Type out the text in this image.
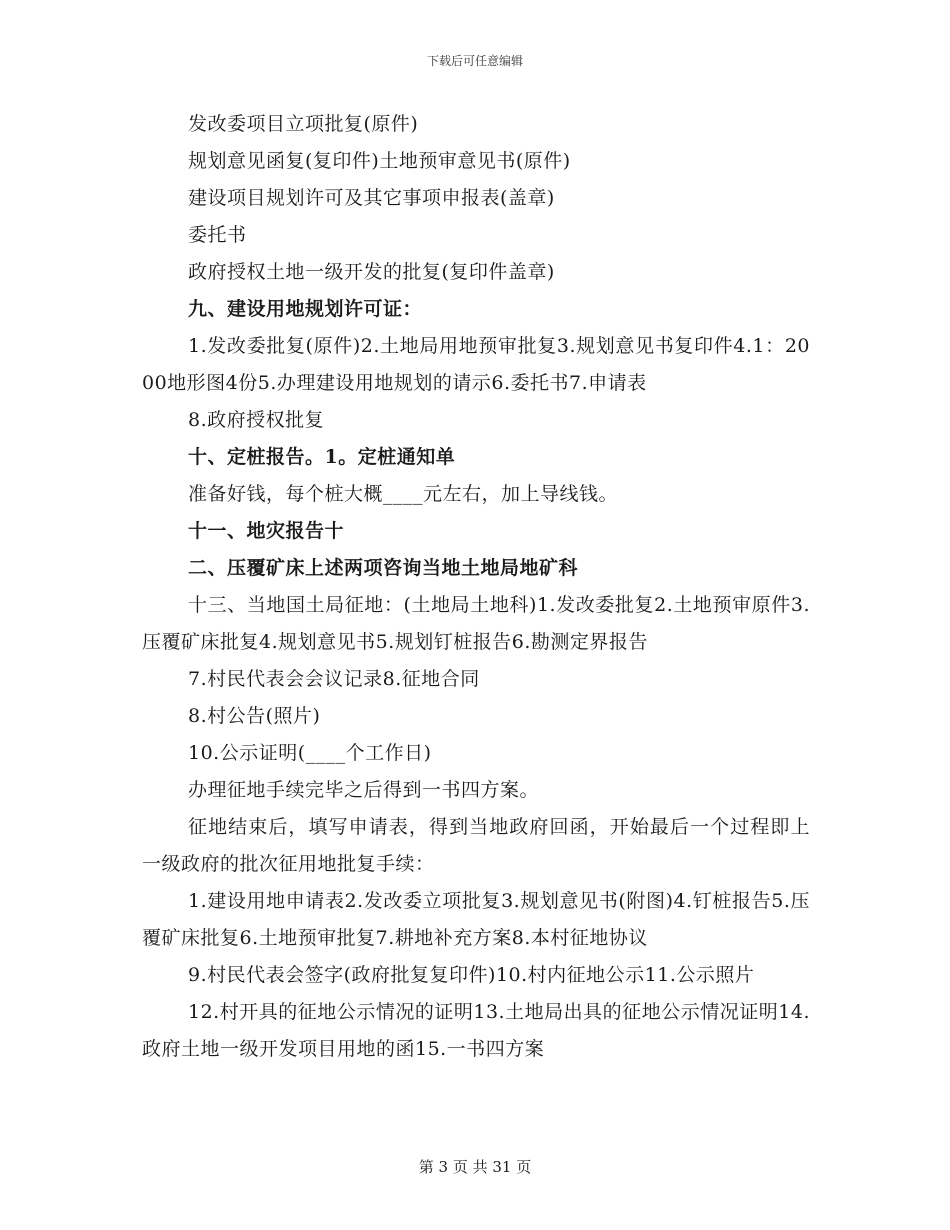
下载后可任意编辑

发改委项目立项批复(原件)

规划意见函复(复印件)土地预审意见书(原件)

建设项目规划许可及其它事项申报表(盖章)

委托书

政府授权土地一级开发的批复(复印件盖章)

九、建设用地规划许可证：

1.发改委批复(原件)2.土地局用地预审批复3.规划意见书复印件4.1：2000地形图4份5.办理建设用地规划的请示6.委托书7.申请表

8.政府授权批复

十、定桩报告。1。定桩通知单

准备好钱，每个桩大概____元左右，加上导线钱。

十一、地灾报告十

二、压覆矿床上述两项咨询当地土地局地矿科

十三、当地国土局征地：(土地局土地科)1.发改委批复2.土地预审原件3.压覆矿床批复4.规划意见书5.规划钉桩报告6.勘测定界报告

7.村民代表会会议记录8.征地合同

8.村公告(照片)

10.公示证明(____个工作日)

办理征地手续完毕之后得到一书四方案。

征地结束后，填写申请表，得到当地政府回函，开始最后一个过程即上一级政府的批次征用地批复手续：

1.建设用地申请表2.发改委立项批复3.规划意见书(附图)4.钉桩报告5.压覆矿床批复6.土地预审批复7.耕地补充方案8.本村征地协议

9.村民代表会签字(政府批复复印件)10.村内征地公示11.公示照片

12.村开具的征地公示情况的证明13.土地局出具的征地公示情况证明14.政府土地一级开发项目用地的函15.一书四方案

第 3 页 共 31 页
